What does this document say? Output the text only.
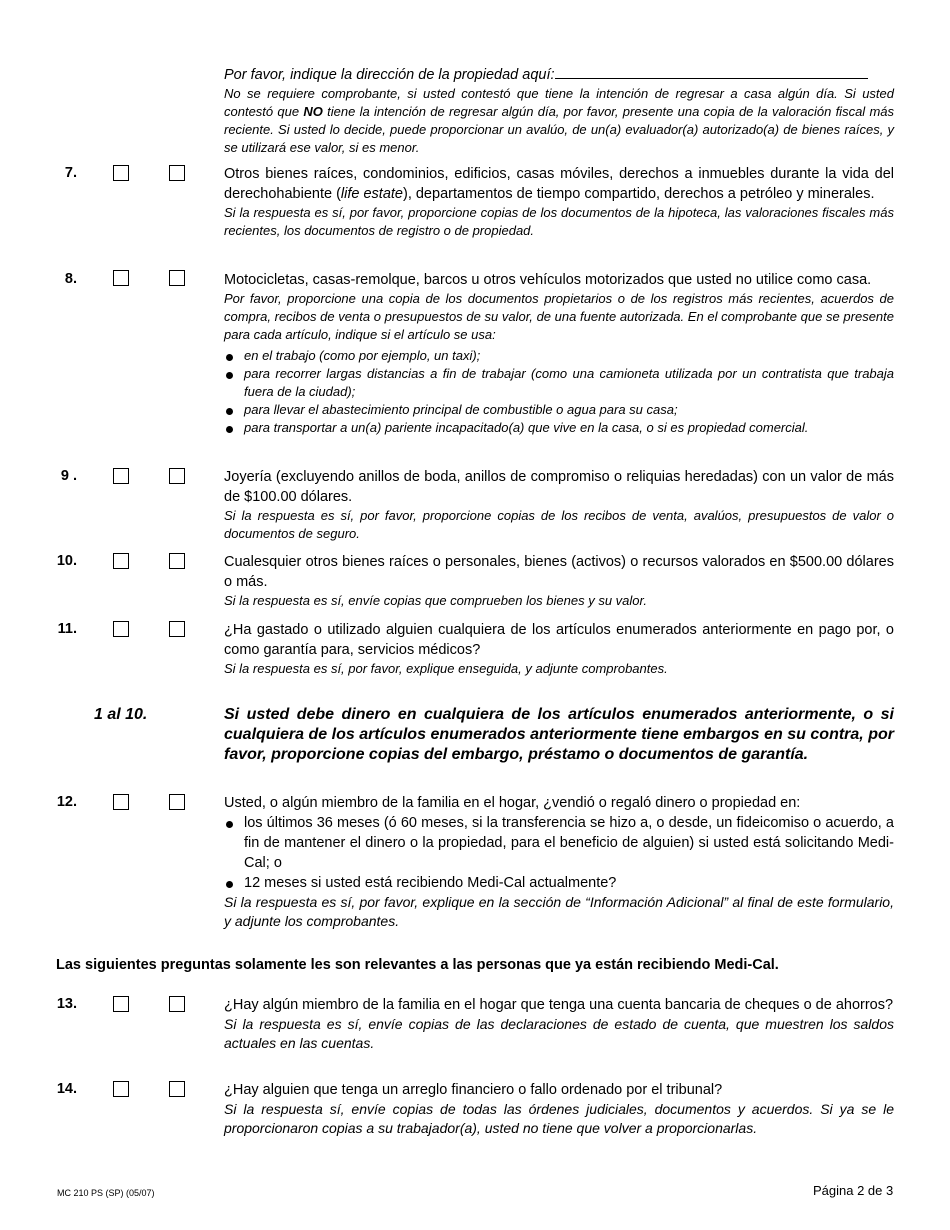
Por favor, indique la dirección de la propiedad aquí:
No se requiere comprobante, si usted contestó que tiene la intención de regresar a casa algún día. Si usted contestó que NO tiene la intención de regresar algún día, por favor, presente una copia de la valoración fiscal más reciente. Si usted lo decide, puede proporcionar un avalúo, de un(a) evaluador(a) autorizado(a) de bienes raíces, y se utilizará ese valor, si es menor.
7.	Otros bienes raíces, condominios, edificios, casas móviles, derechos a inmuebles durante la vida del derechohabiente (life estate), departamentos de tiempo compartido, derechos a petróleo y minerales.
Si la respuesta es sí, por favor, proporcione copias de los documentos de la hipoteca, las valoraciones fiscales más recientes, los documentos de registro o de propiedad.
8.	Motocicletas, casas-remolque, barcos u otros vehículos motorizados que usted no utilice como casa.
Por favor, proporcione una copia de los documentos propietarios o de los registros más recientes, acuerdos de compra, recibos de venta o presupuestos de su valor, de una fuente autorizada. En el comprobante que se presente para cada artículo, indique si el artículo se usa:
en el trabajo (como por ejemplo, un taxi);
para recorrer largas distancias a fin de trabajar (como una camioneta utilizada por un contratista que trabaja fuera de la ciudad);
para llevar el abastecimiento principal de combustible o agua para su casa;
para transportar a un(a) pariente incapacitado(a) que vive en la casa, o si es propiedad comercial.
9 .	Joyería (excluyendo anillos de boda, anillos de compromiso o reliquias heredadas) con un valor de más de $100.00 dólares.
Si la respuesta es sí, por favor, proporcione copias de los recibos de venta, avalúos, presupuestos de valor o documentos de seguro.
10.	Cualesquier otros bienes raíces o personales, bienes (activos) o recursos valorados en $500.00 dólares o más.
Si la respuesta es sí, envíe copias que comprueben los bienes y su valor.
11.	¿Ha gastado o utilizado alguien cualquiera de los artículos enumerados anteriormente en pago por, o como garantía para, servicios médicos?
Si la respuesta es sí, por favor, explique enseguida, y adjunte comprobantes.
1 al 10.	Si usted debe dinero en cualquiera de los artículos enumerados anteriormente, o si cualquiera de los artículos enumerados anteriormente tiene embargos en su contra, por favor, proporcione copias del embargo, préstamo o documentos de garantía.
12.	Usted, o algún miembro de la familia en el hogar, ¿vendió o regaló dinero o propiedad en:
los últimos 36 meses (ó 60 meses, si la transferencia se hizo a, o desde, un fideicomiso o acuerdo, a fin de mantener el dinero o la propiedad, para el beneficio de alguien) si usted está solicitando Medi-Cal; o
12 meses si usted está recibiendo Medi-Cal actualmente?
Si la respuesta es sí, por favor, explique en la sección de “Información Adicional” al final de este formulario, y adjunte los comprobantes.
Las siguientes preguntas solamente les son relevantes a las personas que ya están recibiendo Medi-Cal.
13.	¿Hay algún miembro de la familia en el hogar que tenga una cuenta bancaria de cheques o de ahorros?
Si la respuesta es sí, envíe copias de las declaraciones de estado de cuenta, que muestren los saldos actuales en las cuentas.
14.	¿Hay alguien que tenga un arreglo financiero o fallo ordenado por el tribunal?
Si la respuesta sí, envíe copias de todas las órdenes judiciales, documentos y acuerdos. Si ya se le proporcionaron copias a su trabajador(a), usted no tiene que volver a proporcionarlas.
MC 210 PS (SP) (05/07)	Página 2 de 3
